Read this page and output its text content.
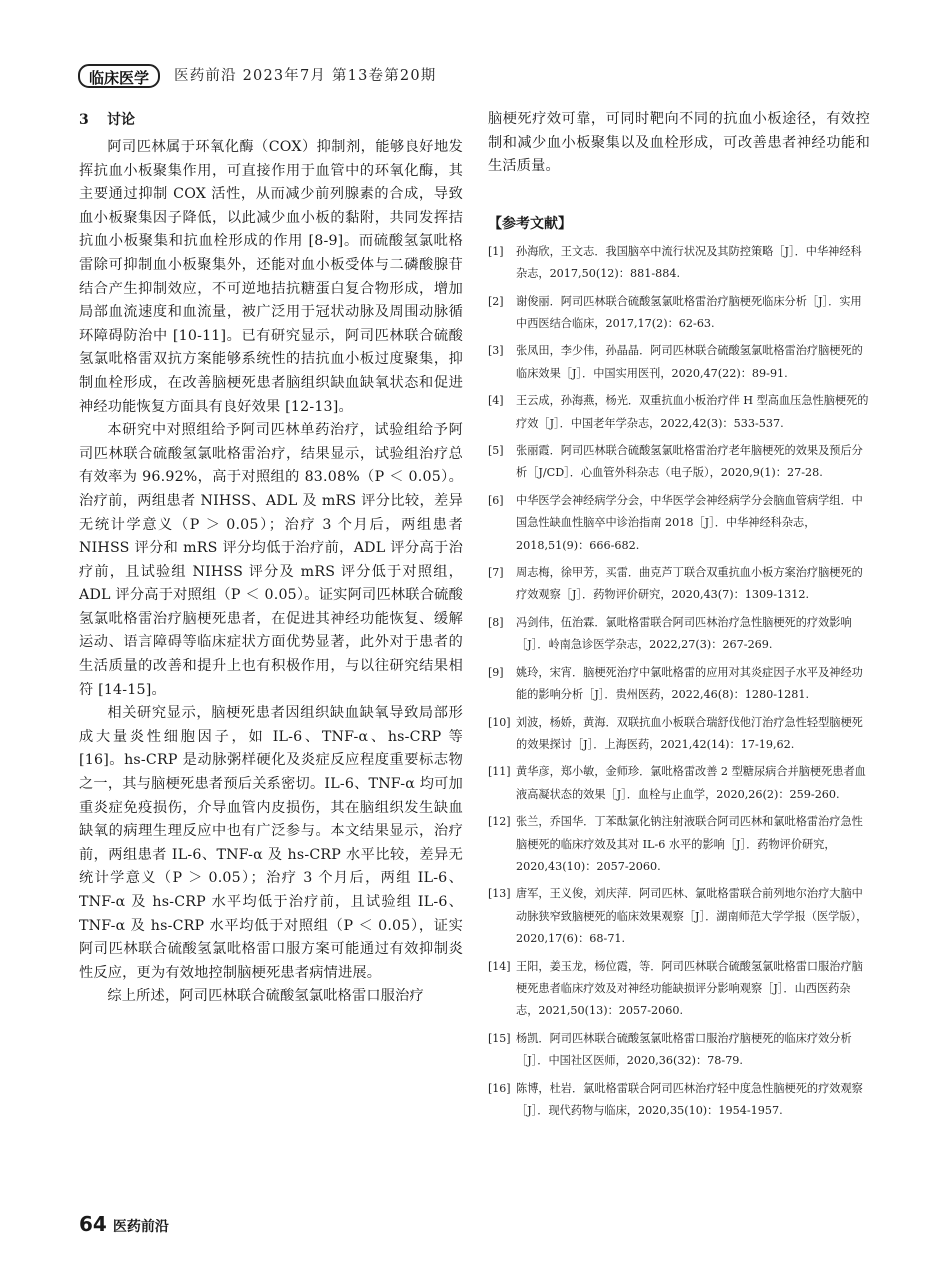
临床医学	医药前沿 2023年7月 第13卷第20期
3 讨论

阿司匹林属于环氧化酶（COX）抑制剂，能够良好地发挥抗血小板聚集作用，可直接作用于血管中的环氧化酶，其主要通过抑制 COX 活性，从而减少前列腺素的合成，导致血小板聚集因子降低，以此减少血小板的黏附，共同发挥拮抗血小板聚集和抗血栓形成的作用 [8-9]。而硫酸氢氯吡格雷除可抑制血小板聚集外，还能对血小板受体与二磷酸腺苷结合产生抑制效应，不可逆地拮抗糖蛋白复合物形成，增加局部血流速度和血流量，被广泛用于冠状动脉及周围动脉循环障碍防治中 [10-11]。已有研究显示，阿司匹林联合硫酸氢氯吡格雷双抗方案能够系统性的拮抗血小板过度聚集，抑制血栓形成，在改善脑梗死患者脑组织缺血缺氧状态和促进神经功能恢复方面具有良好效果 [12-13]。

本研究中对照组给予阿司匹林单药治疗，试验组给予阿司匹林联合硫酸氢氯吡格雷治疗，结果显示，试验组治疗总有效率为 96.92%，高于对照组的 83.08%（P ＜ 0.05）。治疗前，两组患者 NIHSS、ADL 及 mRS 评分比较，差异无统计学意义（P ＞ 0.05）；治疗 3 个月后，两组患者 NIHSS 评分和 mRS 评分均低于治疗前，ADL 评分高于治疗前，且试验组 NIHSS 评分及 mRS 评分低于对照组，ADL 评分高于对照组（P ＜ 0.05）。证实阿司匹林联合硫酸氢氯吡格雷治疗脑梗死患者，在促进其神经功能恢复、缓解运动、语言障碍等临床症状方面优势显著，此外对于患者的生活质量的改善和提升上也有积极作用，与以往研究结果相符 [14-15]。

相关研究显示，脑梗死患者因组织缺血缺氧导致局部形成大量炎性细胞因子，如 IL-6、TNF-α、hs-CRP 等 [16]。hs-CRP 是动脉粥样硬化及炎症反应程度重要标志物之一，其与脑梗死患者预后关系密切。IL-6、TNF-α 均可加重炎症免疫损伤，介导血管内皮损伤，其在脑组织发生缺血缺氧的病理生理反应中也有广泛参与。本文结果显示，治疗前，两组患者 IL-6、TNF-α 及 hs-CRP 水平比较，差异无统计学意义（P ＞ 0.05）；治疗 3 个月后，两组 IL-6、TNF-α 及 hs-CRP 水平均低于治疗前，且试验组 IL-6、TNF-α 及 hs-CRP 水平均低于对照组（P ＜ 0.05），证实阿司匹林联合硫酸氢氯吡格雷口服方案可能通过有效抑制炎性反应，更为有效地控制脑梗死患者病情进展。

综上所述，阿司匹林联合硫酸氢氯吡格雷口服治疗

脑梗死疗效可靠，可同时靶向不同的抗血小板途径，有效控制和减少血小板聚集以及血栓形成，可改善患者神经功能和生活质量。

【参考文献】
[1]	孙海欣，王文志．我国脑卒中流行状况及其防控策略［J］．中华神经科杂志，2017,50(12)：881-884.
[2]	谢俊丽．阿司匹林联合硫酸氢氯吡格雷治疗脑梗死临床分析［J］．实用中西医结合临床，2017,17(2)：62-63.
[3]	张凤田，李少伟，孙晶晶．阿司匹林联合硫酸氢氯吡格雷治疗脑梗死的临床效果［J］．中国实用医刊，2020,47(22)：89-91.
[4]	王云成，孙海燕，杨光．双重抗血小板治疗伴 H 型高血压急性脑梗死的疗效［J］．中国老年学杂志，2022,42(3)：533-537.
[5]	张丽霞．阿司匹林联合硫酸氢氯吡格雷治疗老年脑梗死的效果及预后分析［J/CD］．心血管外科杂志（电子版），2020,9(1)：27-28.
[6]	中华医学会神经病学分会，中华医学会神经病学分会脑血管病学组．中国急性缺血性脑卒中诊治指南 2018［J］．中华神经科杂志，2018,51(9)：666-682.
[7]	周志梅，徐甲芳，买雷．曲克芦丁联合双重抗血小板方案治疗脑梗死的疗效观察［J］．药物评价研究，2020,43(7)：1309-1312.
[8]	冯剑伟，伍治霖．氯吡格雷联合阿司匹林治疗急性脑梗死的疗效影响［J］．岭南急诊医学杂志，2022,27(3)：267-269.
[9]	姚玲，宋宵．脑梗死治疗中氯吡格雷的应用对其炎症因子水平及神经功能的影响分析［J］．贵州医药，2022,46(8)：1280-1281.
[10] 刘波，杨娇，黄海．双联抗血小板联合瑞舒伐他汀治疗急性轻型脑梗死的效果探讨［J］．上海医药，2021,42(14)：17-19,62.
[11] 黄华彦，郑小敏，金师珍．氯吡格雷改善 2 型糖尿病合并脑梗死患者血液高凝状态的效果［J］．血栓与止血学，2020,26(2)：259-260.
[12] 张兰，乔国华．丁苯酞氯化钠注射液联合阿司匹林和氯吡格雷治疗急性脑梗死的临床疗效及其对 IL-6 水平的影响［J］．药物评价研究，2020,43(10)：2057-2060.
[13] 唐军，王义俊，刘庆萍．阿司匹林、氯吡格雷联合前列地尔治疗大脑中动脉狭窄致脑梗死的临床效果观察［J］．湖南师范大学学报（医学版），2020,17(6)：68-71.
[14] 王阳，姜玉龙，杨位霞，等．阿司匹林联合硫酸氢氯吡格雷口服治疗脑梗死患者临床疗效及对神经功能缺损评分影响观察［J］．山西医药杂志，2021,50(13)：2057-2060.
[15] 杨凯．阿司匹林联合硫酸氢氯吡格雷口服治疗脑梗死的临床疗效分析［J］．中国社区医师，2020,36(32)：78-79.
[16] 陈博，杜岩．氯吡格雷联合阿司匹林治疗轻中度急性脑梗死的疗效观察［J］．现代药物与临床，2020,35(10)：1954-1957.
64 医药前沿
